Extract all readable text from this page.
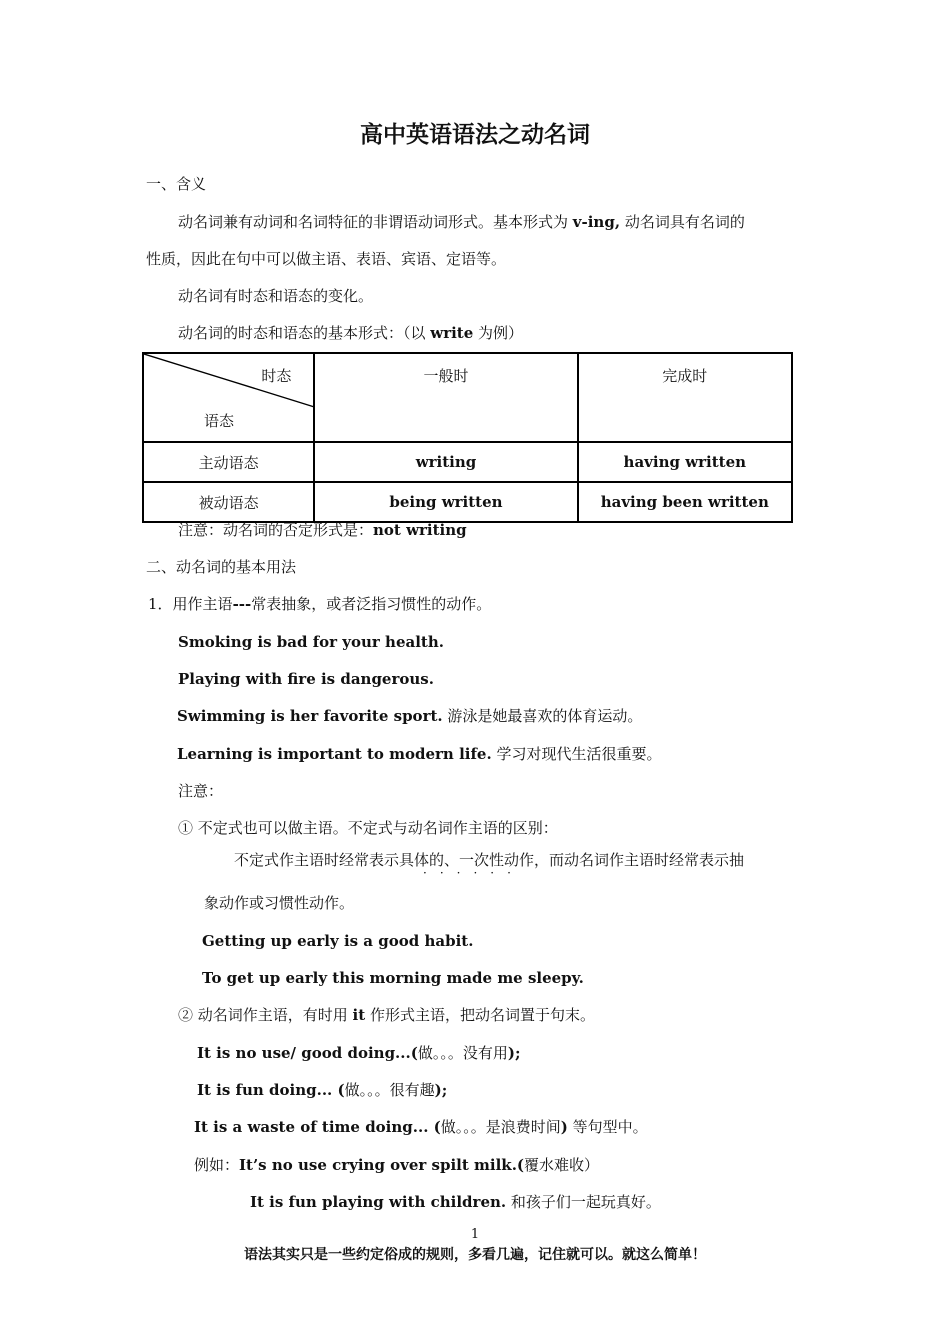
高中英语语法之动名词
一、含义
动名词兼有动词和名词特征的非谓语动词形式。基本形式为 v-ing, 动名词具有名词的
性质，因此在句中可以做主语、表语、宾语、定语等。
动名词有时态和语态的变化。
动名词的时态和语态的基本形式：（以 write 为例）
时态
语态	一般时	完成时
主动语态	writing	having written
被动语态	being written	having been written
注意：动名词的否定形式是：not writing
二、动名词的基本用法
1．用作主语---常表抽象，或者泛指习惯性的动作。
Smoking is bad for your health.
Playing with fire is dangerous.
Swimming is her favorite sport. 游泳是她最喜欢的体育运动。
Learning is important to modern life. 学习对现代生活很重要。
注意：
① 不定式也可以做主语。不定式与动名词作主语的区别：
不定式作主语时经常表示具体的、一次性动作，而动名词作主语时经常表示抽
······
象动作或习惯性动作。
Getting up early is a good habit.
To get up early this morning made me sleepy.
② 动名词作主语，有时用 it 作形式主语，把动名词置于句末。
It is no use/ good doing...(做。。。没有用);
It is fun doing... (做。。。很有趣);
It is a waste of time doing... (做。。。是浪费时间) 等句型中。
例如：It’s no use crying over spilt milk.(覆水难收）
It is fun playing with children. 和孩子们一起玩真好。
1
语法其实只是一些约定俗成的规则，多看几遍，记住就可以。就这么简单！
